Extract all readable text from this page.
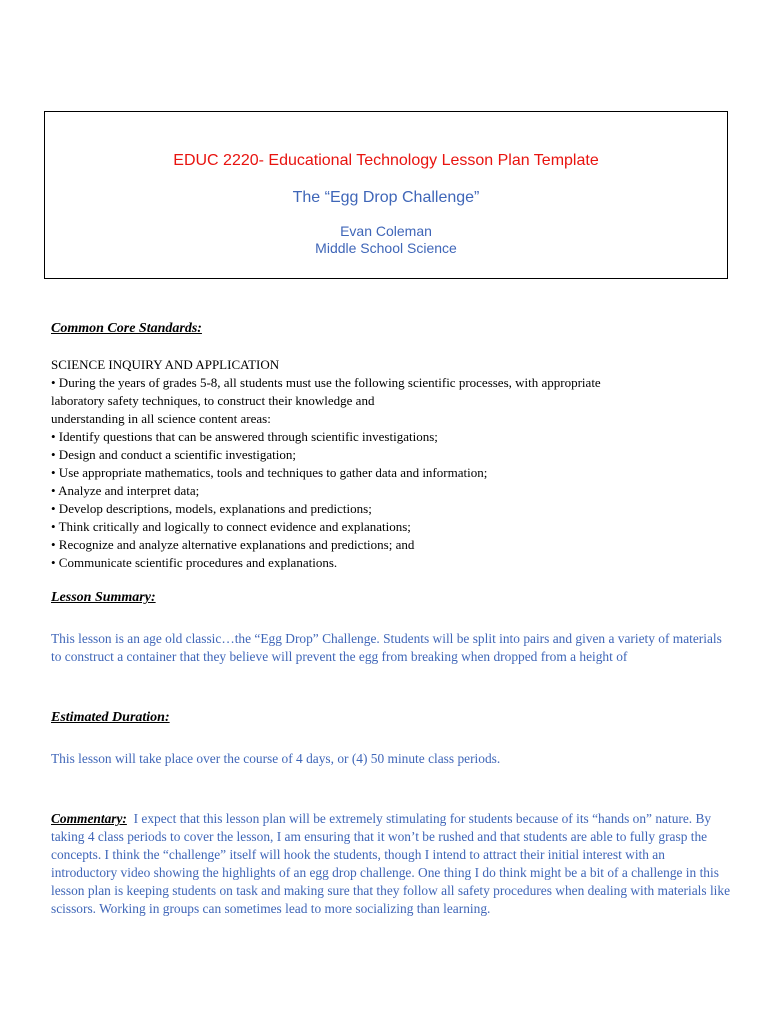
EDUC 2220- Educational Technology Lesson Plan Template
The “Egg Drop Challenge”
Evan Coleman
Middle School Science
Common Core Standards:
SCIENCE INQUIRY AND APPLICATION
• During the years of grades 5-8, all students must use the following scientific processes, with appropriate
laboratory safety techniques, to construct their knowledge and
understanding in all science content areas:
• Identify questions that can be answered through scientific investigations;
• Design and conduct a scientific investigation;
• Use appropriate mathematics, tools and techniques to gather data and information;
• Analyze and interpret data;
• Develop descriptions, models, explanations and predictions;
• Think critically and logically to connect evidence and explanations;
• Recognize and analyze alternative explanations and predictions; and
• Communicate scientific procedures and explanations.
Lesson Summary:

This lesson is an age old classic…the “Egg Drop” Challenge. Students will be split into pairs and given a variety of materials to construct a container that they believe will prevent the egg from breaking when dropped from a height of

Estimated Duration:

This lesson will take place over the course of 4 days, or (4) 50 minute class periods.

Commentary: I expect that this lesson plan will be extremely stimulating for students because of its “hands on” nature. By taking 4 class periods to cover the lesson, I am ensuring that it won’t be rushed and that students are able to fully grasp the concepts. I think the “challenge” itself will hook the students, though I intend to attract their initial interest with an introductory video showing the highlights of an egg drop challenge. One thing I do think might be a bit of a challenge in this lesson plan is keeping students on task and making sure that they follow all safety procedures when dealing with materials like scissors. Working in groups can sometimes lead to more socializing than learning.
